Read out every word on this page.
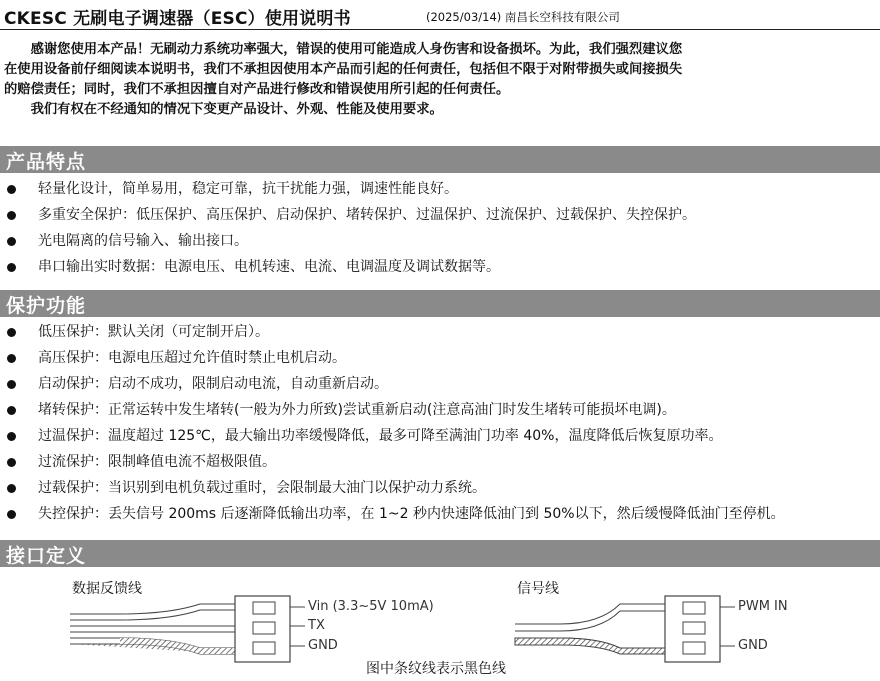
CKESC 无刷电子调速器（ESC）使用说明书	(2025/03/14) 南昌长空科技有限公司

感谢您使用本产品！无刷动力系统功率强大，错误的使用可能造成人身伤害和设备损坏。为此，我们强烈建议您

在使用设备前仔细阅读本说明书，我们不承担因使用本产品而引起的任何责任，包括但不限于对附带损失或间接损失

的赔偿责任；同时，我们不承担因擅自对产品进行修改和错误使用所引起的任何责任。

我们有权在不经通知的情况下变更产品设计、外观、性能及使用要求。

产品特点
轻量化设计，简单易用，稳定可靠，抗干扰能力强，调速性能良好。
多重安全保护：低压保护、高压保护、启动保护、堵转保护、过温保护、过流保护、过载保护、失控保护。
光电隔离的信号输入、输出接口。
串口输出实时数据：电源电压、电机转速、电流、电调温度及调试数据等。
保护功能
低压保护：默认关闭（可定制开启）。
高压保护：电源电压超过允许值时禁止电机启动。
启动保护：启动不成功，限制启动电流，自动重新启动。
堵转保护：正常运转中发生堵转(一般为外力所致)尝试重新启动(注意高油门时发生堵转可能损坏电调)。
过温保护：温度超过 125℃，最大输出功率缓慢降低，最多可降至满油门功率 40%，温度降低后恢复原功率。
过流保护：限制峰值电流不超极限值。
过载保护：当识别到电机负载过重时，会限制最大油门以保护动力系统。
失控保护：丢失信号 200ms 后逐渐降低输出功率，在 1~2 秒内快速降低油门到 50%以下，然后缓慢降低油门至停机。
接口定义
数据反馈线	信号线
Vin (3.3~5V 10mA)
TX
GND
PWM IN
GND
图中条纹线表示黑色线
